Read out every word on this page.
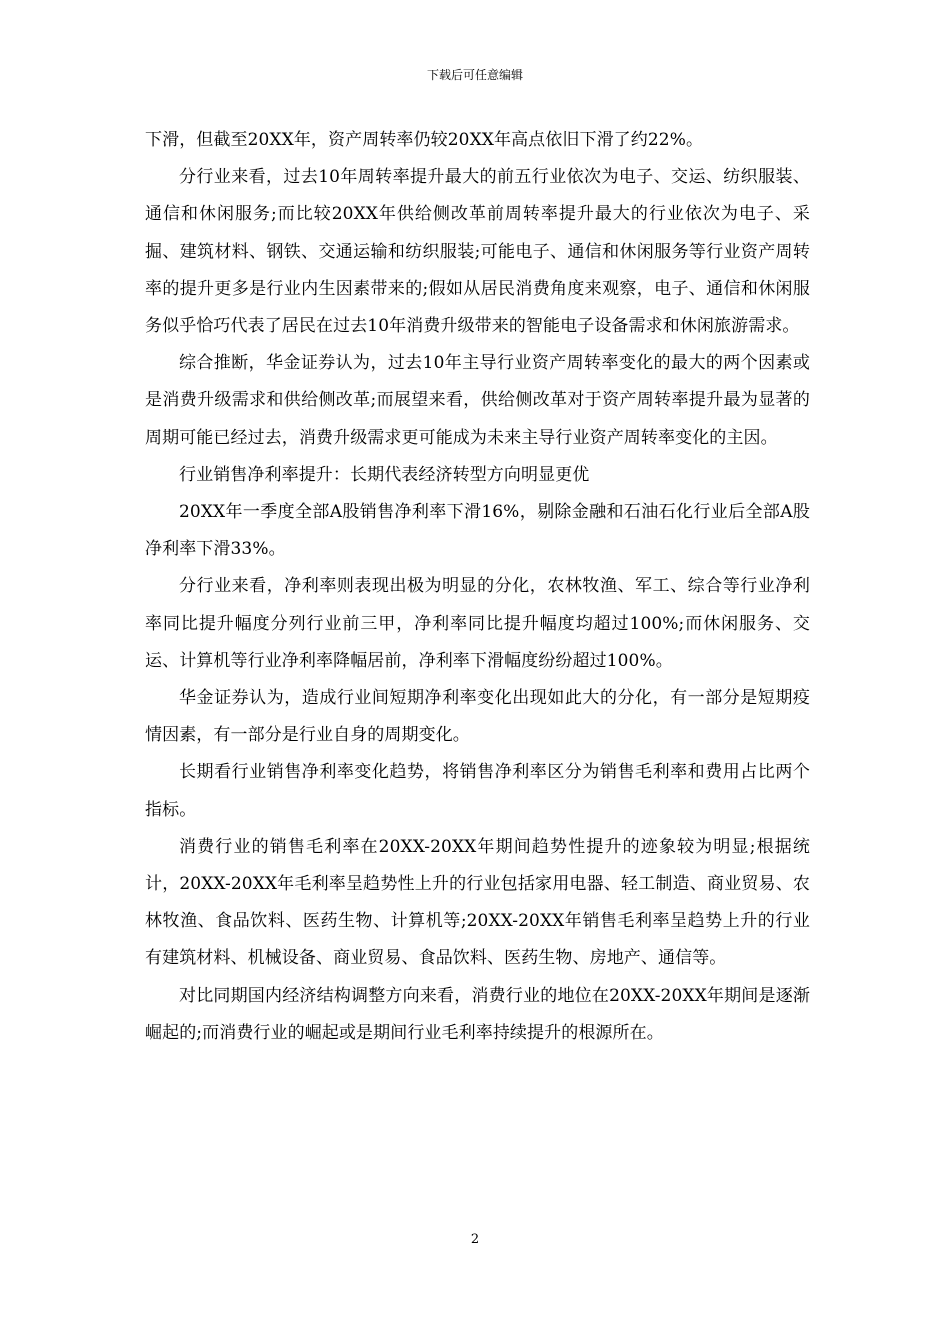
下载后可任意编辑

下滑，但截至20XX年，资产周转率仍较20XX年高点依旧下滑了约22%。

分行业来看，过去10年周转率提升最大的前五行业依次为电子、交运、纺织服装、通信和休闲服务;而比较20XX年供给侧改革前周转率提升最大的行业依次为电子、采掘、建筑材料、钢铁、交通运输和纺织服装;可能电子、通信和休闲服务等行业资产周转率的提升更多是行业内生因素带来的;假如从居民消费角度来观察，电子、通信和休闲服务似乎恰巧代表了居民在过去10年消费升级带来的智能电子设备需求和休闲旅游需求。

综合推断，华金证券认为，过去10年主导行业资产周转率变化的最大的两个因素或是消费升级需求和供给侧改革;而展望来看，供给侧改革对于资产周转率提升最为显著的周期可能已经过去，消费升级需求更可能成为未来主导行业资产周转率变化的主因。

行业销售净利率提升：长期代表经济转型方向明显更优

20XX年一季度全部A股销售净利率下滑16%，剔除金融和石油石化行业后全部A股净利率下滑33%。

分行业来看，净利率则表现出极为明显的分化，农林牧渔、军工、综合等行业净利率同比提升幅度分列行业前三甲，净利率同比提升幅度均超过100%;而休闲服务、交运、计算机等行业净利率降幅居前，净利率下滑幅度纷纷超过100%。

华金证券认为，造成行业间短期净利率变化出现如此大的分化，有一部分是短期疫情因素，有一部分是行业自身的周期变化。

长期看行业销售净利率变化趋势，将销售净利率区分为销售毛利率和费用占比两个指标。

消费行业的销售毛利率在20XX-20XX年期间趋势性提升的迹象较为明显;根据统计，20XX-20XX年毛利率呈趋势性上升的行业包括家用电器、轻工制造、商业贸易、农林牧渔、食品饮料、医药生物、计算机等;20XX-20XX年销售毛利率呈趋势上升的行业有建筑材料、机械设备、商业贸易、食品饮料、医药生物、房地产、通信等。

对比同期国内经济结构调整方向来看，消费行业的地位在20XX-20XX年期间是逐渐崛起的;而消费行业的崛起或是期间行业毛利率持续提升的根源所在。

2
